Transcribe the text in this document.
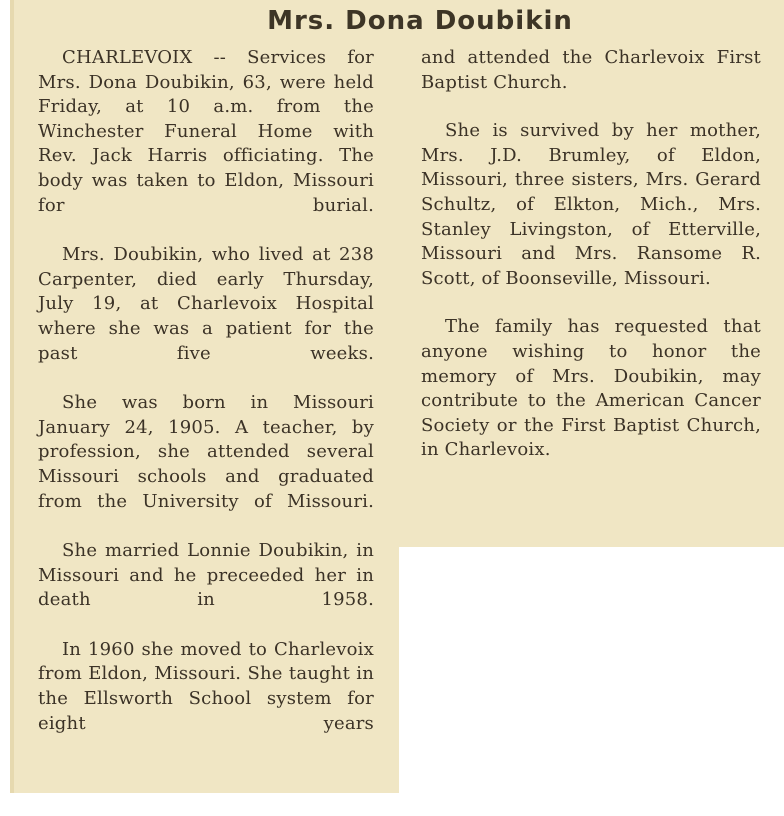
Mrs. Dona Doubikin

CHARLEVOIX -- Services for Mrs. Dona Doubikin, 63, were held Friday, at 10 a.m. from the Winchester Funeral Home with Rev. Jack Harris officiating. The body was taken to Eldon, Missouri for burial.

Mrs. Doubikin, who lived at 238 Carpenter, died early Thursday, July 19, at Charlevoix Hospital where she was a patient for the past five weeks.

She was born in Missouri January 24, 1905. A teacher, by profession, she attended several Missouri schools and graduated from the University of Missouri.

She married Lonnie Doubikin, in Missouri and he preceeded her in death in 1958.

In 1960 she moved to Charlevoix from Eldon, Missouri. She taught in the Ellsworth School system for eight years

and attended the Charlevoix First Baptist Church.

She is survived by her mother, Mrs. J.D. Brumley, of Eldon, Missouri, three sisters, Mrs. Gerard Schultz, of Elkton, Mich., Mrs. Stanley Livingston, of Etterville, Missouri and Mrs. Ransome R. Scott, of Boonseville, Missouri.

The family has requested that anyone wishing to honor the memory of Mrs. Doubikin, may contribute to the American Cancer Society or the First Baptist Church, in Charlevoix.
